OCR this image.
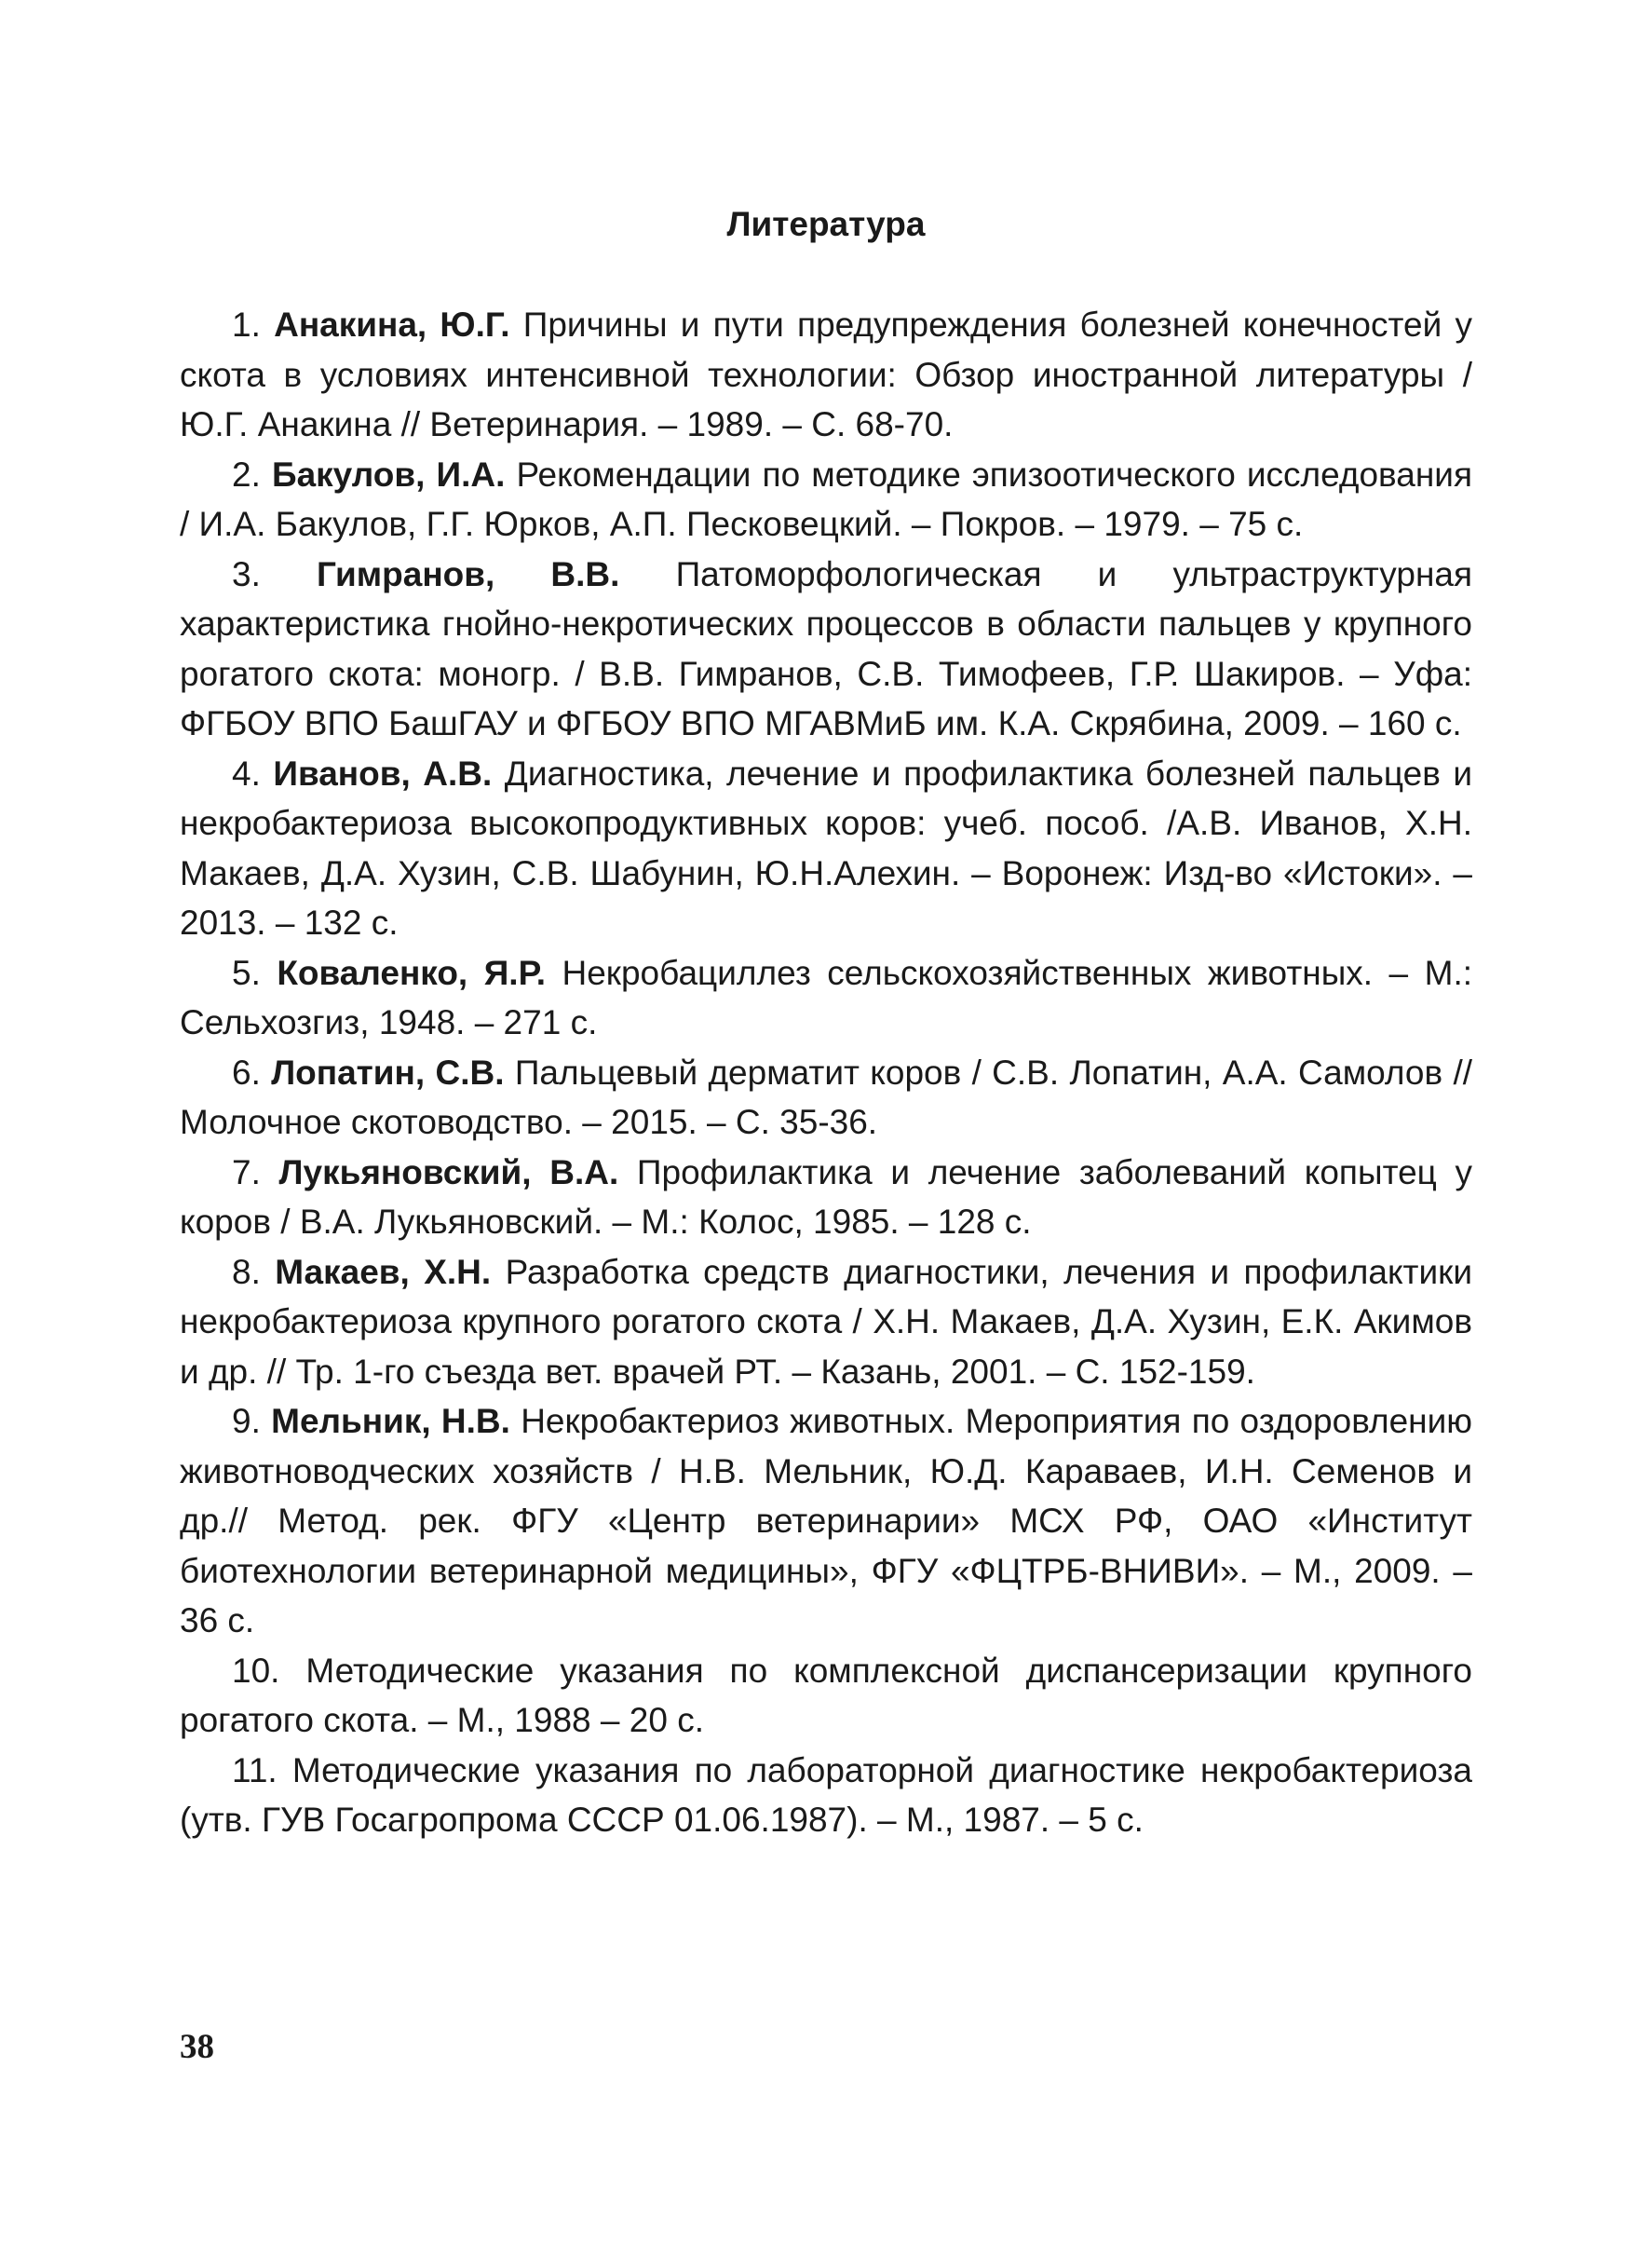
Литература

1. Анакина, Ю.Г. Причины и пути предупреждения болезней конечностей у скота в условиях интенсивной технологии: Обзор иностранной литературы / Ю.Г. Анакина // Ветеринария. – 1989. – С. 68-70.

2. Бакулов, И.А. Рекомендации по методике эпизоотического исследования / И.А. Бакулов, Г.Г. Юрков, А.П. Песковецкий. – Покров. – 1979. – 75 с.

3. Гимранов, В.В. Патоморфологическая и ультраструктурная характеристика гнойно-некротических процессов в области пальцев у крупного рогатого скота: моногр. / В.В. Гимранов, С.В. Тимофеев, Г.Р. Шакиров. – Уфа: ФГБОУ ВПО БашГАУ и ФГБОУ ВПО МГАВМиБ им. К.А. Скрябина, 2009. – 160 с.

4. Иванов, А.В. Диагностика, лечение и профилактика болезней пальцев и некробактериоза высокопродуктивных коров: учеб. пособ. /А.В. Иванов, Х.Н. Макаев, Д.А. Хузин, С.В. Шабунин, Ю.Н.Алехин. – Воронеж: Изд-во «Истоки». – 2013. – 132 с.

5. Коваленко, Я.Р. Некробациллез сельскохозяйственных животных. – М.: Сельхозгиз, 1948. – 271 с.

6. Лопатин, С.В. Пальцевый дерматит коров / С.В. Лопатин, А.А. Самолов // Молочное скотоводство. – 2015. – С. 35-36.

7. Лукьяновский, В.А. Профилактика и лечение заболеваний копытец у коров / В.А. Лукьяновский. – М.: Колос, 1985. – 128 с.

8. Макаев, Х.Н. Разработка средств диагностики, лечения и профилактики некробактериоза крупного рогатого скота / Х.Н. Макаев, Д.А. Хузин, Е.К. Акимов и др. // Тр. 1-го съезда вет. врачей РТ. – Казань, 2001. – С. 152-159.

9. Мельник, Н.В. Некробактериоз животных. Мероприятия по оздоровлению животноводческих хозяйств / Н.В. Мельник, Ю.Д. Караваев, И.Н. Семенов и др.// Метод. рек. ФГУ «Центр ветеринарии» МСХ РФ, ОАО «Институт биотехнологии ветеринарной медицины», ФГУ «ФЦТРБ-ВНИВИ». – М., 2009. – 36 с.

10. Методические указания по комплексной диспансеризации крупного рогатого скота. – М., 1988 – 20 с.

11. Методические указания по лабораторной диагностике некробактериоза (утв. ГУВ Госагропрома СССР 01.06.1987). – М., 1987. – 5 с.

38
